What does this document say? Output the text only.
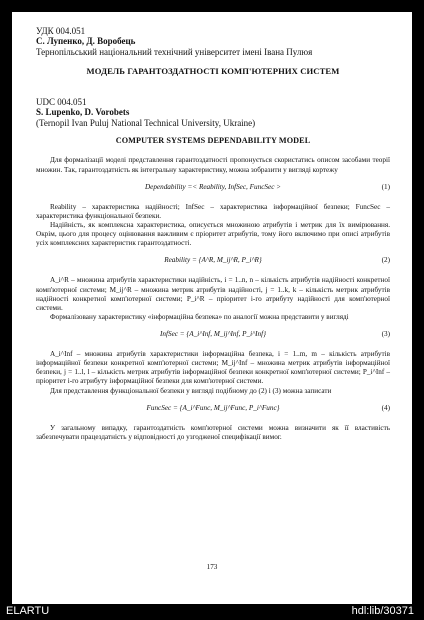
УДК 004.051
С. Лупенко, Д. Воробець
Тернопільський національний технічний університет імені Івана Пулюя
МОДЕЛЬ ГАРАНТОЗДАТНОСТІ КОМП'ЮТЕРНИХ СИСТЕМ
UDC 004.051
S. Lupenko, D. Vorobets
(Ternopil Ivan Puluj National Technical University, Ukraine)
COMPUTER SYSTEMS DEPENDABILITY MODEL

Для формалізації моделі представлення гарантоздатності пропонується скористатись описом засобами теорії множин. Так, гарантоздатність як інтегральну характеристику, можна зобразити у вигляді кортежу

Dependability =< Reability, InfSec, FuncSec >	(1)

Reability – характеристика надійності; InfSec – характеристика інформаційної безпеки; FuncSec – характеристика функціональної безпеки.

Надійність, як комплексна характеристика, описується множиною атрибутів і метрик для їх вимірювання. Окрім, цього для процесу оцінювання важливим є пріоритет атрибутів, тому його включимо при описі атрибутів усіх комплексних характеристик гарантоздатності.

Reability = {A^R, M_ij^R, P_i^R}	(2)

A_i^R – множина атрибутів характеристики надійність, i = 1..n, n – кількість атрибутів надійності конкретної комп'ютерної системи; M_ij^R – множина метрик атрибутів надійності, j = 1..k, k – кількість метрик атрибутів надійності конкретної комп'ютерної системи; P_i^R – пріоритет i-го атрибуту надійності для комп'ютерної системи.

Формалізовану характеристику «інформаційна безпека» по аналогії можна представити у вигляді

InfSec = {A_i^Inf, M_ij^Inf, P_i^Inf}	(3)

A_i^Inf – множина атрибутів характеристики інформаційна безпека, i = 1..m, m – кількість атрибутів інформаційної безпеки конкретної комп'ютерної системи; M_ij^Inf – множина метрик атрибутів інформаційної безпеки, j = 1..l, l – кількість метрик атрибутів інформаційної безпеки конкретної комп'ютерної системи; P_i^Inf – пріоритет i-го атрибуту інформаційної безпеки для комп'ютерної системи.

Для представлення функціональної безпеки у вигляді подібному до (2) і (3) можна записати

FuncSec = {A_i^Func, M_ij^Func, P_i^Func}	(4)

У загальному випадку, гарантоздатність комп'ютерної системи можна визначити як її властивість забезпечувати працездатність у відповідності до узгодженої специфікації вимог.

173
ELARTU	hdl:lib/30371
